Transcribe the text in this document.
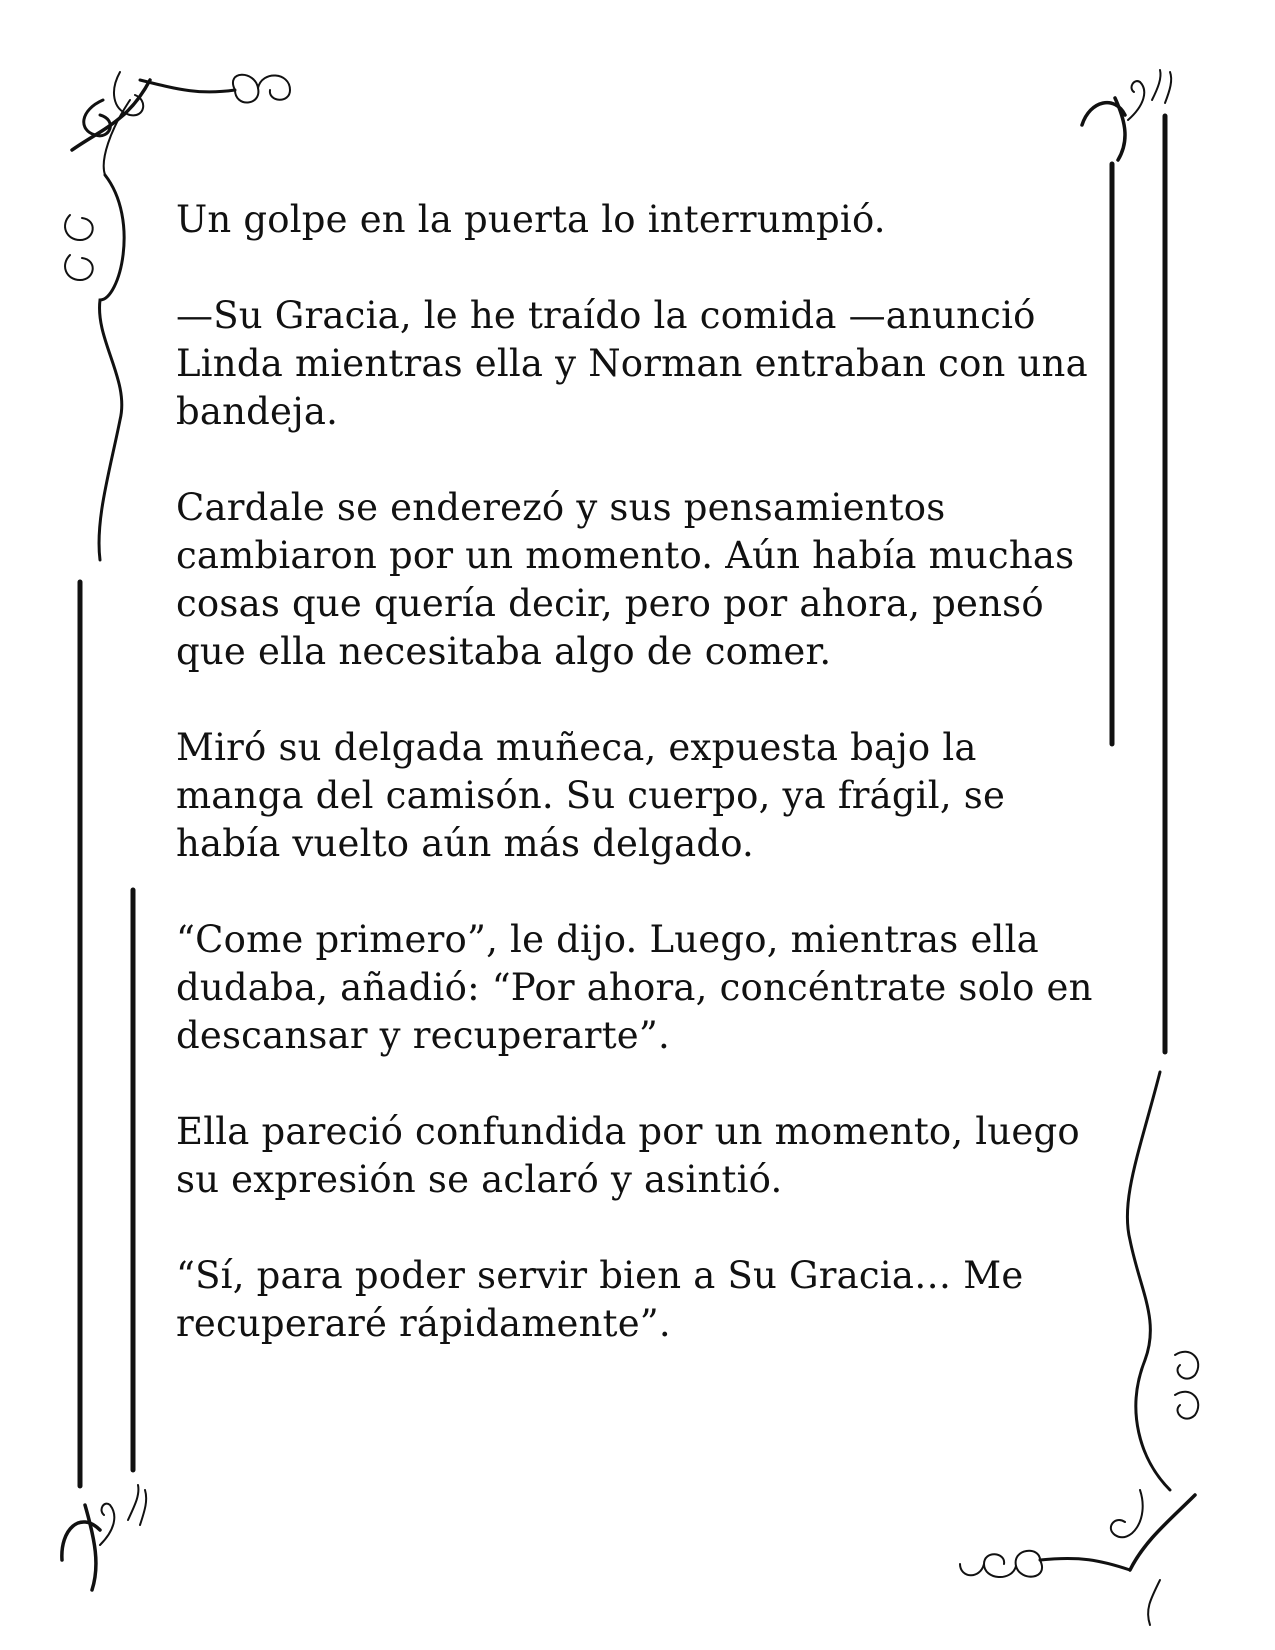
Un golpe en la puerta lo interrumpió.

—Su Gracia, le he traído la comida —anunció Linda mientras ella y Norman entraban con una bandeja.

Cardale se enderezó y sus pensamientos cambiaron por un momento. Aún había muchas cosas que quería decir, pero por ahora, pensó que ella necesitaba algo de comer.

Miró su delgada muñeca, expuesta bajo la manga del camisón. Su cuerpo, ya frágil, se había vuelto aún más delgado.

“Come primero”, le dijo. Luego, mientras ella dudaba, añadió: “Por ahora, concéntrate solo en descansar y recuperarte”.

Ella pareció confundida por un momento, luego su expresión se aclaró y asintió.

“Sí, para poder servir bien a Su Gracia… Me recuperaré rápidamente”.
